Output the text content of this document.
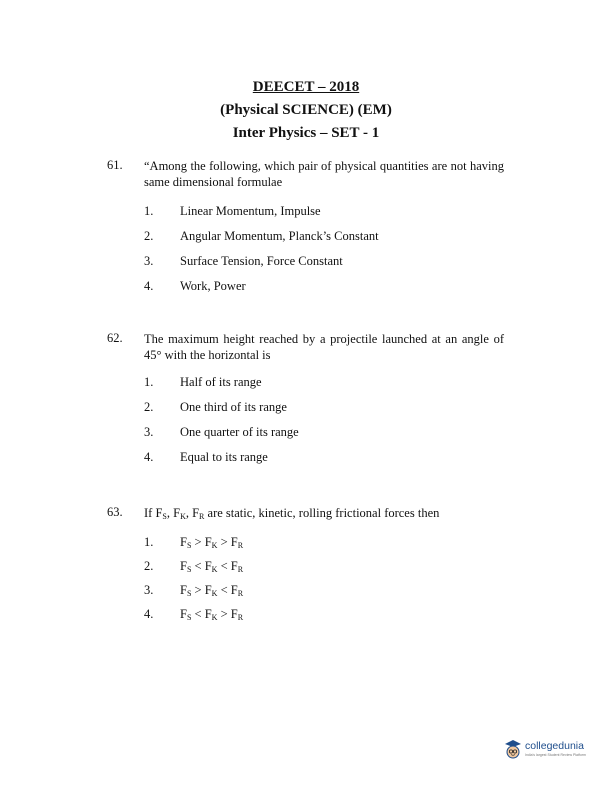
DEECET – 2018
(Physical SCIENCE) (EM)
Inter Physics – SET - 1
61. “Among the following, which pair of physical quantities are not having same dimensional formulae
1. Linear Momentum, Impulse
2. Angular Momentum, Planck’s Constant
3. Surface Tension, Force Constant
4. Work, Power
62. The maximum height reached by a projectile launched at an angle of 45° with the horizontal is
1. Half of its range
2. One third of its range
3. One quarter of its range
4. Equal to its range
63. If $F_S$, $F_K$, $F_R$ are static, kinetic, rolling frictional forces then
1. $F_S > F_K > F_R$
2. $F_S < F_K < F_R$
3. $F_S > F_K < F_R$
4. $F_S < F_K > F_R$
collegedunia
India's largest Student Review Platform
